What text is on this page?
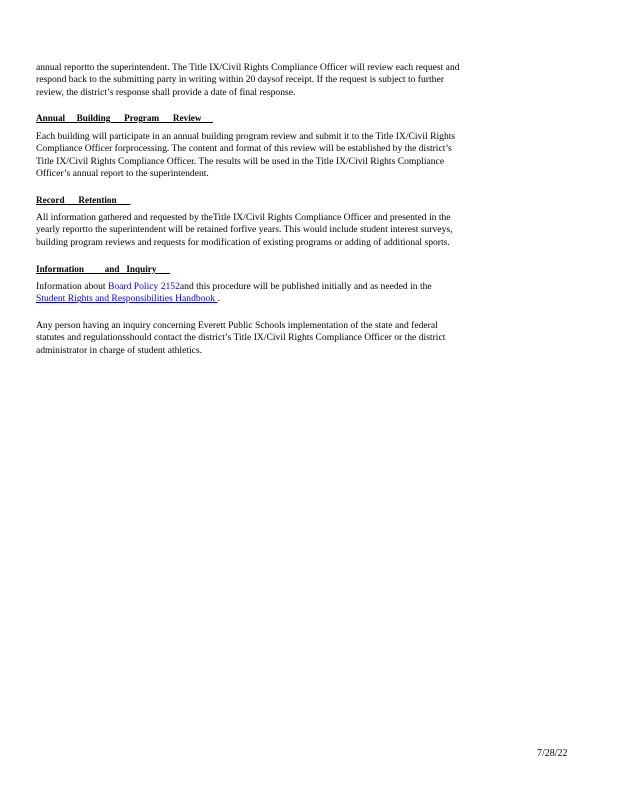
annual reportto the superintendent. The Title IX/Civil Rights Compliance Officer will review each request and
respond back to the submitting party in writing within 20 daysof receipt. If the request is subject to further
review, the district’s response shall provide a date of final response.

Annual     Building      Program      Review

Each building will participate in an annual building program review and submit it to the Title IX/Civil Rights
Compliance Officer forprocessing. The content and format of this review will be established by the district’s
Title IX/Civil Rights Compliance Officer. The results will be used in the Title IX/Civil Rights Compliance
Officer’s annual report to the superintendent.

Record      Retention

All information gathered and requested by theTitle IX/Civil Rights Compliance Officer and presented in the
yearly reportto the superintendent will be retained forfive years. This would include student interest surveys,
building program reviews and requests for modification of existing programs or adding of additional sports.

Information         and   Inquiry

Information about Board Policy 2152and this procedure will be published initially and as needed in the
Student Rights and Responsibilities Handbook .

Any person having an inquiry concerning Everett Public Schools implementation of the state and federal
statutes and regulationsshould contact the district’s Title IX/Civil Rights Compliance Officer or the district
administrator in charge of student athletics.

7/28/22
